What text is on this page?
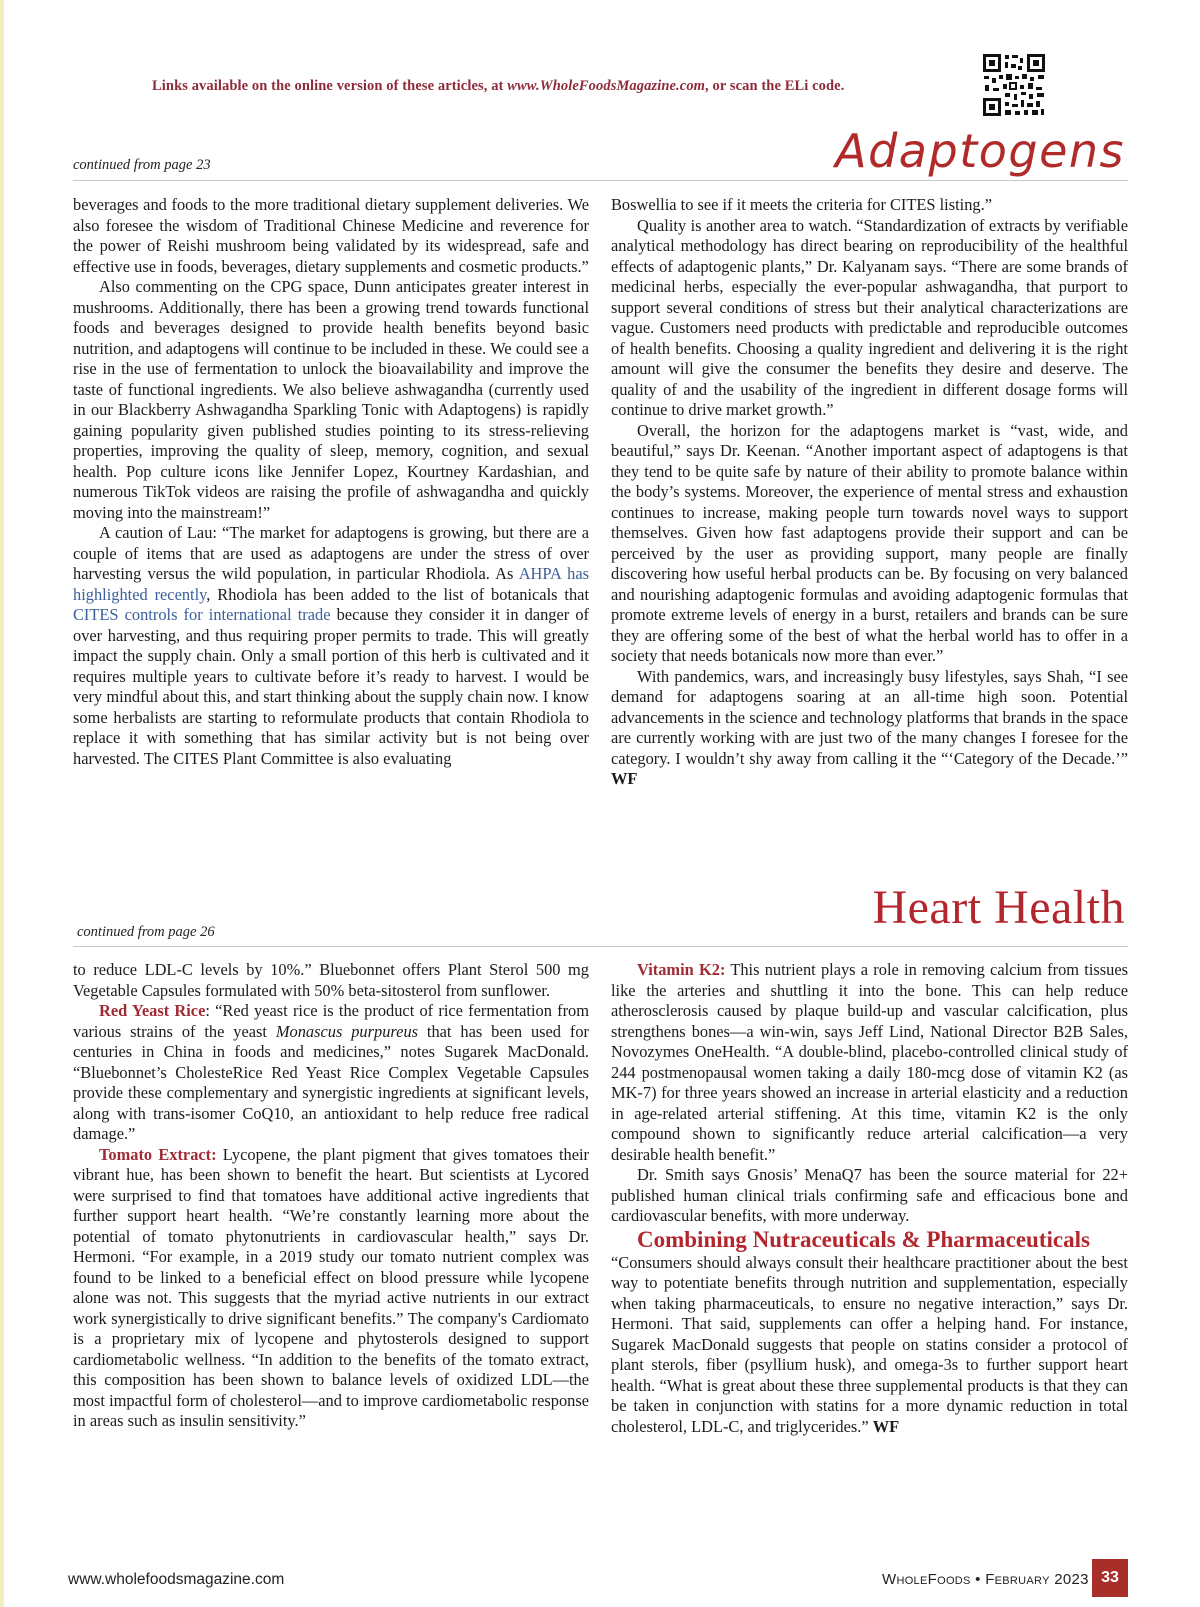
Links available on the online version of these articles, at www.WholeFoodsMagazine.com, or scan the ELi code.
Adaptogens
continued from page 23

beverages and foods to the more traditional dietary supplement deliveries. We also foresee the wisdom of Traditional Chinese Medicine and reverence for the power of Reishi mushroom being validated by its widespread, safe and effective use in foods, beverages, dietary supplements and cosmetic products.”

Also commenting on the CPG space, Dunn anticipates greater interest in mushrooms. Additionally, there has been a growing trend towards functional foods and beverages designed to provide health benefits beyond basic nutrition, and adaptogens will continue to be included in these. We could see a rise in the use of fermentation to unlock the bioavailability and improve the taste of functional ingredients. We also believe ashwagandha (currently used in our Blackberry Ashwagandha Sparkling Tonic with Adaptogens) is rapidly gaining popularity given published studies pointing to its stress-relieving properties, improving the quality of sleep, memory, cognition, and sexual health. Pop culture icons like Jennifer Lopez, Kourtney Kardashian, and numerous TikTok videos are raising the profile of ashwagandha and quickly moving into the mainstream!”

A caution of Lau: “The market for adaptogens is growing, but there are a couple of items that are used as adaptogens are under the stress of over harvesting versus the wild population, in particular Rhodiola. As AHPA has highlighted recently, Rhodiola has been added to the list of botanicals that CITES controls for international trade because they consider it in danger of over harvesting, and thus requiring proper permits to trade. This will greatly impact the supply chain. Only a small portion of this herb is cultivated and it requires multiple years to cultivate before it’s ready to harvest. I would be very mindful about this, and start thinking about the supply chain now. I know some herbalists are starting to reformulate products that contain Rhodiola to replace it with something that has similar activity but is not being over harvested. The CITES Plant Committee is also evaluating

Boswellia to see if it meets the criteria for CITES listing.”

Quality is another area to watch. “Standardization of extracts by verifiable analytical methodology has direct bearing on reproducibility of the healthful effects of adaptogenic plants,” Dr. Kalyanam says. “There are some brands of medicinal herbs, especially the ever-popular ashwagandha, that purport to support several conditions of stress but their analytical characterizations are vague. Customers need products with predictable and reproducible outcomes of health benefits. Choosing a quality ingredient and delivering it is the right amount will give the consumer the benefits they desire and deserve. The quality of and the usability of the ingredient in different dosage forms will continue to drive market growth.”

Overall, the horizon for the adaptogens market is “vast, wide, and beautiful,” says Dr. Keenan. “Another important aspect of adaptogens is that they tend to be quite safe by nature of their ability to promote balance within the body’s systems. Moreover, the experience of mental stress and exhaustion continues to increase, making people turn towards novel ways to support themselves. Given how fast adaptogens provide their support and can be perceived by the user as providing support, many people are finally discovering how useful herbal products can be. By focusing on very balanced and nourishing adaptogenic formulas and avoiding adaptogenic formulas that promote extreme levels of energy in a burst, retailers and brands can be sure they are offering some of the best of what the herbal world has to offer in a society that needs botanicals now more than ever.”

With pandemics, wars, and increasingly busy lifestyles, says Shah, “I see demand for adaptogens soaring at an all-time high soon. Potential advancements in the science and technology platforms that brands in the space are currently working with are just two of the many changes I foresee for the category. I wouldn’t shy away from calling it the “‘Category of the Decade.’” WF

Heart Health
continued from page 26

to reduce LDL-C levels by 10%.” Bluebonnet offers Plant Sterol 500 mg Vegetable Capsules formulated with 50% beta-sitosterol from sunflower.

Red Yeast Rice: “Red yeast rice is the product of rice fermentation from various strains of the yeast Monascus purpureus that has been used for centuries in China in foods and medicines,” notes Sugarek MacDonald. “Bluebonnet’s CholesteRice Red Yeast Rice Complex Vegetable Capsules provide these complementary and synergistic ingredients at significant levels, along with trans-isomer CoQ10, an antioxidant to help reduce free radical damage.”

Tomato Extract: Lycopene, the plant pigment that gives tomatoes their vibrant hue, has been shown to benefit the heart. But scientists at Lycored were surprised to find that tomatoes have additional active ingredients that further support heart health. “We’re constantly learning more about the potential of tomato phytonutrients in cardiovascular health,” says Dr. Hermoni. “For example, in a 2019 study our tomato nutrient complex was found to be linked to a beneficial effect on blood pressure while lycopene alone was not. This suggests that the myriad active nutrients in our extract work synergistically to drive significant benefits.” The company's Cardiomato is a proprietary mix of lycopene and phytosterols designed to support cardiometabolic wellness. “In addition to the benefits of the tomato extract, this composition has been shown to balance levels of oxidized LDL—the most impactful form of cholesterol—and to improve cardiometabolic response in areas such as insulin sensitivity.”

Vitamin K2: This nutrient plays a role in removing calcium from tissues like the arteries and shuttling it into the bone. This can help reduce atherosclerosis caused by plaque build-up and vascular calcification, plus strengthens bones—a win-win, says Jeff Lind, National Director B2B Sales, Novozymes OneHealth. “A double-blind, placebo-controlled clinical study of 244 postmenopausal women taking a daily 180-mcg dose of vitamin K2 (as MK-7) for three years showed an increase in arterial elasticity and a reduction in age-related arterial stiffening. At this time, vitamin K2 is the only compound shown to significantly reduce arterial calcification—a very desirable health benefit.”

Dr. Smith says Gnosis’ MenaQ7 has been the source material for 22+ published human clinical trials confirming safe and efficacious bone and cardiovascular benefits, with more underway.

Combining Nutraceuticals & Pharmaceuticals

“Consumers should always consult their healthcare practitioner about the best way to potentiate benefits through nutrition and supplementation, especially when taking pharmaceuticals, to ensure no negative interaction,” says Dr. Hermoni. That said, supplements can offer a helping hand. For instance, Sugarek MacDonald suggests that people on statins consider a protocol of plant sterols, fiber (psyllium husk), and omega-3s to further support heart health. “What is great about these three supplemental products is that they can be taken in conjunction with statins for a more dynamic reduction in total cholesterol, LDL-C, and triglycerides.” WF

www.wholefoodsmagazine.com	WholeFoods • February 2023 33
